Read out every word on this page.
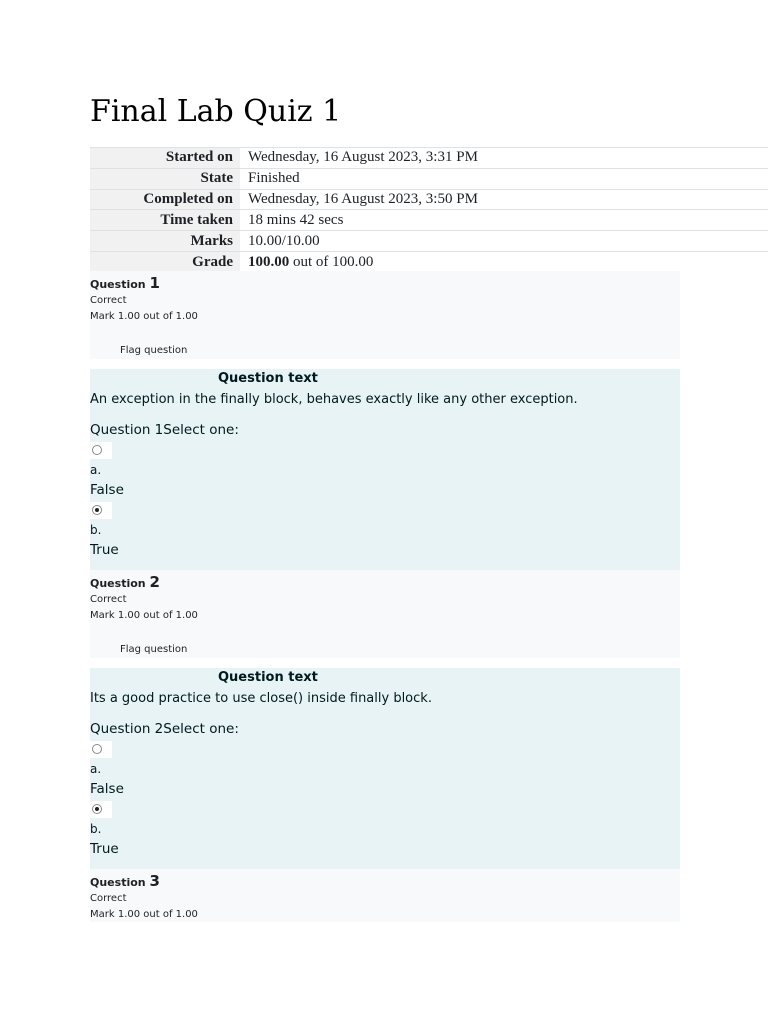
Final Lab Quiz 1
Started on	Wednesday, 16 August 2023, 3:31 PM
State	Finished
Completed on	Wednesday, 16 August 2023, 3:50 PM
Time taken	18 mins 42 secs
Marks	10.00/10.00
Grade	100.00 out of 100.00
Question 1
Correct
Mark 1.00 out of 1.00
Flag question
Question text
An exception in the finally block, behaves exactly like any other exception.
Question 1Select one:
a.
False
b.
True
Question 2
Correct
Mark 1.00 out of 1.00
Flag question
Question text
Its a good practice to use close() inside finally block.
Question 2Select one:
a.
False
b.
True
Question 3
Correct
Mark 1.00 out of 1.00
